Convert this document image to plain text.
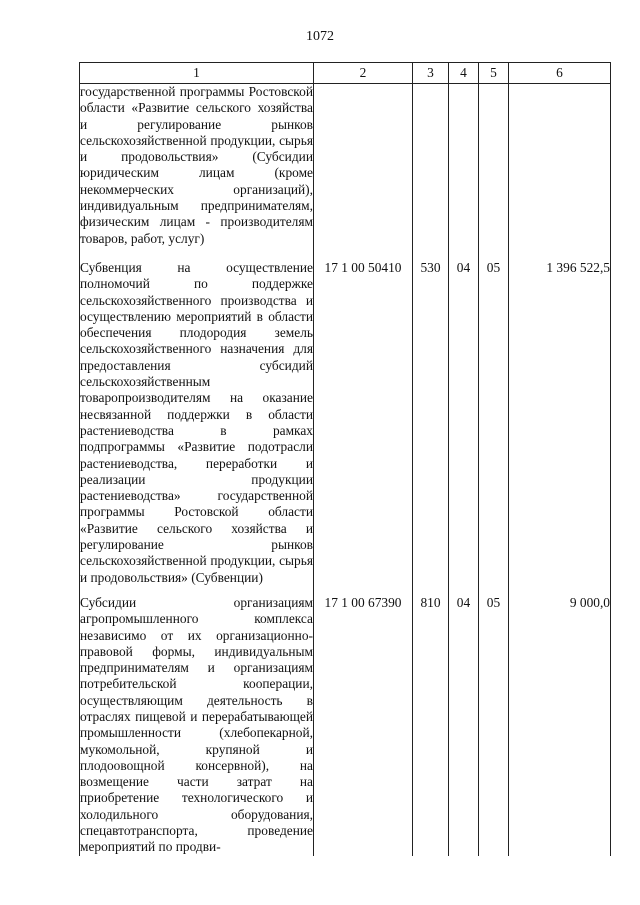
1072
1	2	3	4	5	6

государственной программы Ростовской области «Развитие сельского хозяйства и регулирование рынков сельскохозяйственной продукции, сырья и продовольствия» (Субсидии юридическим лицам (кроме некоммерческих организаций), индивидуальным предпринимателям, физическим лицам - производителям товаров, работ, услуг)					

Субвенция на осуществление полномочий по поддержке сельскохозяйственного производства и осуществлению мероприятий в области обеспечения плодородия земель сельскохозяйственного назначения для предоставления субсидий сельскохозяйственным товаропроизводителям на оказание несвязанной поддержки в области растениеводства в рамках подпрограммы «Развитие подотрасли растениеводства, переработки и реализации продукции растениеводства» государственной программы Ростовской области «Развитие сельского хозяйства и регулирование рынков сельскохозяйственной продукции, сырья и продовольствия» (Субвенции)	17 1 00 50410	530	04	05	1 396 522,5

Субсидии организациям агропромышленного комплекса независимо от их организационно-правовой формы, индивидуальным предпринимателям и организациям потребительской кооперации, осуществляющим деятельность в отраслях пищевой и перерабатывающей промышленности (хлебопекарной, мукомольной, крупяной и плодоовощной консервной), на возмещение части затрат на приобретение технологического и холодильного оборудования, спецавтотранспорта, проведение мероприятий по продви-	17 1 00 67390	810	04	05	9 000,0
